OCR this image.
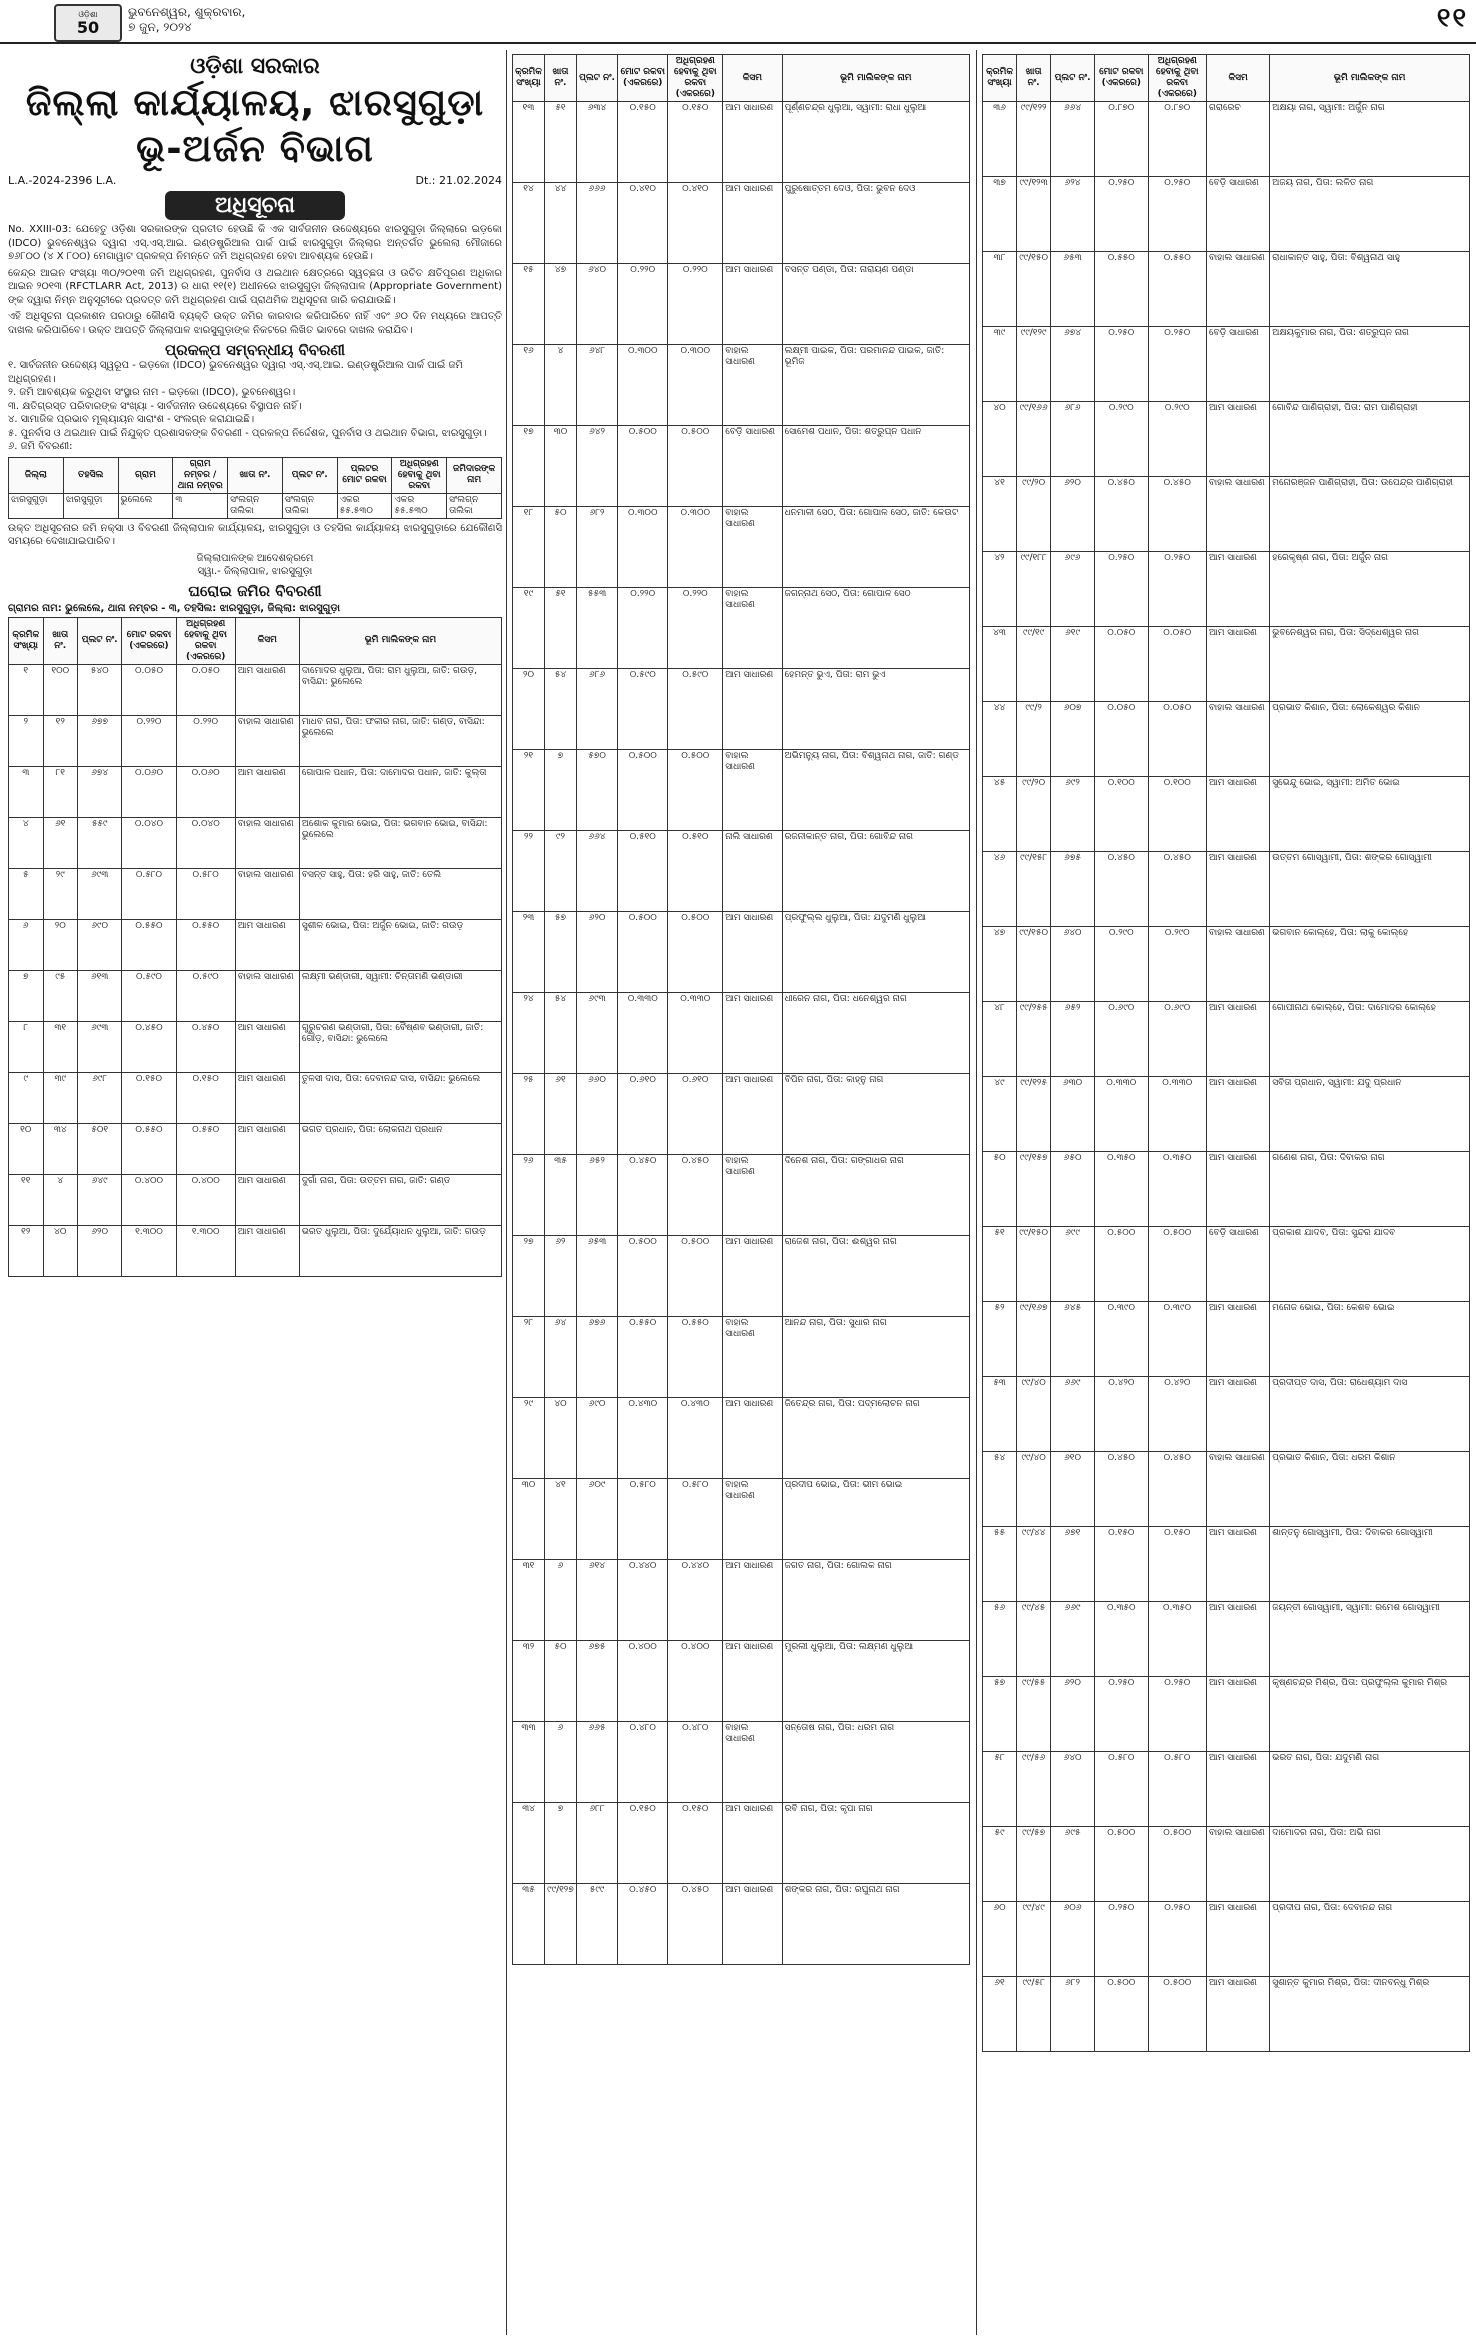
ଓଡ଼ିଶା
50
ଭୁବନେଶ୍ୱର, ଶୁକ୍ରବାର,
୭ ଜୁନ, ୨୦୨୪	୧୧
ଓଡ଼ିଶା ସରକାର
ଜିଲ୍ଲା କାର୍ଯ୍ୟାଳୟ, ଝାରସୁଗୁଡ଼ା
ଭୂ-ଅର୍ଜନ ବିଭାଗ
L.A.-2024-2396 L.A.	Dt.: 21.02.2024
ଅଧିସୂଚନା
No. XXIII-03: ଯେହେତୁ ଓଡ଼ିଶା ସରକାରଙ୍କ ପ୍ରତୀତ ହେଉଛି କି ଏକ ସାର୍ବଜନୀନ ଉଦ୍ଦେଶ୍ୟରେ ଝାରସୁଗୁଡ଼ା ଜିଲ୍ଲାରେ ଇଡ଼କୋ (IDCO) ଭୁବନେଶ୍ୱର ଦ୍ୱାରା ଏସ୍.ଏସ୍.ଆଇ. ଇଣ୍ଡଷ୍ଟ୍ରିଆଲ ପାର୍କ ପାଇଁ ଝାରସୁଗୁଡ଼ା ଜିଲ୍ଲାର ଅନ୍ତର୍ଗତ ଭୁଲେଲା ମୌଜାରେ ୭୬୮୦୦ (୪ X ୮୦୦) ମେଗାୱାଟ ପ୍ରକଳ୍ପ ନିମନ୍ତେ ଜମି ଅଧିଗ୍ରହଣ ହେବା ଆବଶ୍ୟକ ହେଉଛି।
କେନ୍ଦ୍ର ଆଇନ ସଂଖ୍ୟା ୩୦/୨୦୧୩ ଜମି ଅଧିଗ୍ରହଣ, ପୁନର୍ବାସ ଓ ଥଇଥାନ କ୍ଷେତ୍ରରେ ସ୍ୱଚ୍ଛତା ଓ ଉଚିତ କ୍ଷତିପୂରଣ ଅଧିକାର ଆଇନ ୨୦୧୩ (RFCTLARR Act, 2013) ର ଧାରା ୧୧(୧) ଅଧୀନରେ ଝାରସୁଗୁଡ଼ା ଜିଲ୍ଲାପାଳ (Appropriate Government) ଙ୍କ ଦ୍ୱାରା ନିମ୍ନ ଅନୁସୂଚୀରେ ପ୍ରଦତ୍ତ ଜମି ଅଧିଗ୍ରହଣ ପାଇଁ ପ୍ରାଥମିକ ଅଧିସୂଚନା ଜାରି କରାଯାଉଛି।
ଏହି ଅଧିସୂଚନା ପ୍ରକାଶନ ପରଠାରୁ କୌଣସି ବ୍ୟକ୍ତି ଉକ୍ତ ଜମିର କାରବାର କରିପାରିବେ ନାହିଁ ଏବଂ ୬୦ ଦିନ ମଧ୍ୟରେ ଆପତ୍ତି ଦାଖଲ କରିପାରିବେ। ଉକ୍ତ ଆପତ୍ତି ଜିଲ୍ଲାପାଳ ଝାରସୁଗୁଡ଼ାଙ୍କ ନିକଟରେ ଲିଖିତ ଭାବରେ ଦାଖଲ କରାଯିବ।
ପ୍ରକଳ୍ପ ସମ୍ବନ୍ଧୀୟ ବିବରଣୀ
୧. ସାର୍ବଜନୀନ ଉଦ୍ଦେଶ୍ୟ ସ୍ୱରୂପ - ଇଡ଼କୋ (IDCO) ଭୁବନେଶ୍ୱର ଦ୍ୱାରା ଏସ୍.ଏସ୍.ଆଇ. ଇଣ୍ଡଷ୍ଟ୍ରିଆଲ ପାର୍କ ପାଇଁ ଜମି ଅଧିଗ୍ରହଣ।
୨. ଜମି ଆବଶ୍ୟକ କରୁଥିବା ସଂସ୍ଥାର ନାମ - ଇଡ଼କୋ (IDCO), ଭୁବନେଶ୍ୱର।
୩. କ୍ଷତିଗ୍ରସ୍ତ ପରିବାରଙ୍କ ସଂଖ୍ୟା - ସାର୍ବଜନୀନ ଉଦ୍ଦେଶ୍ୟରେ ବିସ୍ଥାପନ ନାହିଁ।
୪. ସାମାଜିକ ପ୍ରଭାବ ମୂଲ୍ୟାୟନ ସାରାଂଶ - ସଂଲଗ୍ନ କରାଯାଇଛି।
୫. ପୁନର୍ବାସ ଓ ଥଇଥାନ ପାଇଁ ନିଯୁକ୍ତ ପ୍ରଶାସକଙ୍କ ବିବରଣୀ - ପ୍ରକଳ୍ପ ନିର୍ଦ୍ଦେଶକ, ପୁନର୍ବାସ ଓ ଥଇଥାନ ବିଭାଗ, ଝାରସୁଗୁଡ଼ା।
୬. ଜମି ବିବରଣୀ:
ଜିଲ୍ଲା	ତହସିଲ	ଗ୍ରାମ	ଗ୍ରାମ ନମ୍ବର / ଥାନା ନମ୍ବର	ଖାତା ନଂ.	ପ୍ଲଟ ନଂ.	ପ୍ଲଟର ମୋଟ ରକବା	ଅଧିଗ୍ରହଣ ହେବାକୁ ଥିବା ରକବା	ଜମିଦାରଙ୍କ ନାମ
ଝାରସୁଗୁଡ଼ା	ଝାରସୁଗୁଡ଼ା	ଭୁଲେଲେ	୩	ସଂଲଗ୍ନ ତାଲିକା	ସଂଲଗ୍ନ ତାଲିକା	ଏକର ୫୫.୫୩୦	ଏକର ୫୫.୫୩୦	ସଂଲଗ୍ନ ତାଲିକା
ଉକ୍ତ ଅଧିସୂଚନାର ଜମି ନକ୍ସା ଓ ବିବରଣୀ ଜିଲ୍ଲାପାଳ କାର୍ଯ୍ୟାଳୟ, ଝାରସୁଗୁଡ଼ା ଓ ତହସିଲ କାର୍ଯ୍ୟାଳୟ ଝାରସୁଗୁଡ଼ାରେ ଯେକୌଣସି ସମୟରେ ଦେଖାଯାଇପାରିବ।
ଜିଲ୍ଲାପାଳଙ୍କ ଆଦେଶକ୍ରମେ
ସ୍ୱା.- ଜିଲ୍ଲାପାଳ, ଝାରସୁଗୁଡ଼ା
ଘରୋଇ ଜମିର ବିବରଣୀ
ଗ୍ରାମର ନାମ: ଭୁଲେଲେ, ଥାନା ନମ୍ବର - ୩, ତହସିଲ: ଝାରସୁଗୁଡ଼ା, ଜିଲ୍ଲା: ଝାରସୁଗୁଡ଼ା
କ୍ରମିକ ସଂଖ୍ୟା	ଖାତା ନଂ.	ପ୍ଲଟ ନଂ.	ମୋଟ ରକବା (ଏକରରେ)	ଅଧିଗ୍ରହଣ ହେବାକୁ ଥିବା ରକବା (ଏକରରେ)	କିସମ	ଭୂମି ମାଲିକଙ୍କ ନାମ
୧	୧୦୦	୫୪୦	୦.୦୫୦	୦.୦୫୦	ଆମ ସାଧାରଣ	ଦାମୋଦର ଧୁଲୁଆ, ପିତା: ରାମ ଧୁଲୁଆ, ଜାତି: ଗଉଡ଼, ବାସିନ୍ଦା: ଭୁଲେଲେ
୨	୧୨	୬୭୭	୦.୨୨୦	୦.୨୨୦	ବାହାଲ ସାଧାରଣ	ମାଧବ ନାଗ, ପିତା: ଫକୀର ନାଗ, ଜାତି: ଗଣ୍ଡ, ବାସିନ୍ଦା: ଭୁଲେଲେ
୩	୮୧	୬୭୪	୦.୦୬୦	୦.୦୬୦	ଆମ ସାଧାରଣ	ଗୋପାଳ ପଧାନ, ପିତା: ଦାମୋଦର ପଧାନ, ଜାତି: କୁଲ୍ତା
୪	୬୧	୫୫୯	୦.୦୪୦	୦.୦୪୦	ବାହାଲ ସାଧାରଣ	ଅଶୋକ କୁମାର ଭୋଇ, ପିତା: ଭଗବାନ ଭୋଇ, ବାସିନ୍ଦା: ଭୁଲେଲେ
୫	୨୯	୬୯୩	୦.୫୮୦	୦.୫୮୦	ବାହାଲ ସାଧାରଣ	ବସନ୍ତ ସାହୁ, ପିତା: ହରି ସାହୁ, ଜାତି: ତେଲି
୬	୨୦	୬୯୦	୦.୫୫୦	୦.୫୫୦	ଆମ ସାଧାରଣ	ସୁଶୀଳ ଭୋଇ, ପିତା: ଅର୍ଜୁନ ଭୋଇ, ଜାତି: ଗଉଡ଼
୭	୯୫	୬୧୩	୦.୫୯୦	୦.୫୯୦	ବାହାଲ ସାଧାରଣ	ଲକ୍ଷ୍ମୀ ଭଣ୍ଡାରୀ, ସ୍ୱାମୀ: ଚିନ୍ତାମଣି ଭଣ୍ଡାରୀ
୮	୩୧	୬୯୩	୦.୪୫୦	୦.୪୫୦	ଆମ ସାଧାରଣ	ଗୁରୁଚରଣ ଭଣ୍ଡାରୀ, ପିତା: ବୈଷ୍ଣବ ଭଣ୍ଡାରୀ, ଜାତି: ଗୌଡ଼, ବାସିନ୍ଦା: ଭୁଲେଲେ
୯	୩୯	୬୯୮	୦.୧୫୦	୦.୧୫୦	ଆମ ସାଧାରଣ	ତୁଳସୀ ଦାସ, ପିତା: ଦେବାନନ୍ଦ ଦାସ, ବାସିନ୍ଦା: ଭୁଲେଲେ
୧୦	୩୪	୫୦୧	୦.୫୫୦	୦.୫୫୦	ଆମ ସାଧାରଣ	ଭଗତ ପ୍ରଧାନ, ପିତା: ଲୋକନାଥ ପ୍ରଧାନ
୧୧	୪	୬୪୯	୦.୪୦୦	୦.୪୦୦	ଆମ ସାଧାରଣ	ଦୁର୍ଗା ନାଗ, ପିତା: ଉତ୍ତମ ନାଗ, ଜାତି: ଗଣ୍ଡ
୧୨	୪୦	୬୨୦	୧.୩୦୦	୧.୩୦୦	ଆମ ସାଧାରଣ	ଭରତ ଧୁଲୁଆ, ପିତା: ଦୁର୍ଯ୍ୟୋଧନ ଧୁଲୁଆ, ଜାତି: ଗଉଡ଼
କ୍ରମିକ ସଂଖ୍ୟା	ଖାତା ନଂ.	ପ୍ଲଟ ନଂ.	ମୋଟ ରକବା (ଏକରରେ)	ଅଧିଗ୍ରହଣ ହେବାକୁ ଥିବା ରକବା (ଏକରରେ)	କିସମ	ଭୂମି ମାଲିକଙ୍କ ନାମ
୧୩	୫୧	୬୩୪	୦.୧୫୦	୦.୧୫୦	ଆମ ସାଧାରଣ	ପୂର୍ଣ୍ଣଚନ୍ଦ୍ର ଧୁଲୁଆ, ସ୍ୱାମୀ: ରାଧା ଧୁଲୁଆ
୧୪	୪୪	୬୬୬	୦.୪୧୦	୦.୪୧୦	ଆମ ସାଧାରଣ	ପୁରୁଷୋତ୍ତମ ଦେଓ, ପିତା: ଭୁବନ ଦେଓ
୧୫	୪୭	୬୪୦	୦.୨୨୦	୦.୨୨୦	ଆମ ସାଧାରଣ	ବସନ୍ତ ପଣ୍ଡା, ପିତା: ନାରାୟଣ ପଣ୍ଡା
୧୬	୪	୬୪୮	୦.୩୦୦	୦.୩୦୦	ବାହାଲ ସାଧାରଣ	ଲକ୍ଷ୍ମୀ ପାଇକ, ପିତା: ପରମାନନ୍ଦ ପାଇକ, ଜାତି: ଭୂମିଜ
୧୭	୩୦	୬୪୨	୦.୫୦୦	୦.୫୦୦	ବେଡ଼ି ସାଧାରଣ	ସୋମେଶ ପଧାନ, ପିତା: ଶତ୍ରୁଘ୍ନ ପଧାନ
୧୮	୫୦	୬୮୨	୦.୩୦୦	୦.୩୦୦	ବାହାଲ ସାଧାରଣ	ଧନମାଳୀ ସେଠ, ପିତା: ଗୋପାଳ ସେଠ, ଜାତି: କେଉଟ
୧୯	୫୧	୫୫୩	୦.୨୨୦	୦.୨୨୦	ବାହାଲ ସାଧାରଣ	ଜଗନ୍ନାଥ ସେଠ, ପିତା: ଗୋପାଳ ସେଠ
୨୦	୫୪	୬୮୬	୦.୫୯୦	୦.୫୯୦	ଆମ ସାଧାରଣ	ହେମନ୍ତ ଭୁଏ, ପିତା: ରାମ ଭୁଏ
୨୧	୭	୫୭୦	୦.୫୦୦	୦.୫୦୦	ବାହାଲ ସାଧାରଣ	ଅଭିମନ୍ୟୁ ନାଗ, ପିତା: ବିଶ୍ୱନାଥ ନାଗ, ଜାତି: ଗଣ୍ଡ
୨୨	୯୨	୬୬୪	୦.୫୧୦	୦.୫୧୦	ନାଲି ସାଧାରଣ	ରଜନୀକାନ୍ତ ନାଗ, ପିତା: ଗୋବିନ୍ଦ ନାଗ
୨୩	୫୭	୬୨୦	୦.୫୦୦	୦.୫୦୦	ଆମ ସାଧାରଣ	ପ୍ରଫୁଲ୍ଲ ଧୁଲୁଆ, ପିତା: ଯଦୁମଣି ଧୁଲୁଆ
୨୪	୫୪	୬୯୩	୦.୩୩୦	୦.୩୩୦	ଆମ ସାଧାରଣ	ଧୀରେନ ନାଗ, ପିତା: ଧନେଶ୍ୱର ନାଗ
୨୫	୬୧	୬୬୦	୦.୬୧୦	୦.୬୧୦	ଆମ ସାଧାରଣ	ବିପିନ ନାଗ, ପିତା: କାହ୍ନୁ ନାଗ
୨୬	୩୫	୬୫୨	୦.୪୫୦	୦.୪୫୦	ବାହାଲ ସାଧାରଣ	ଦିନେଶ ନାଗ, ପିତା: ଗଙ୍ଗାଧର ନାଗ
୨୭	୬୨	୬୫୩	୦.୫୦୦	୦.୫୦୦	ଆମ ସାଧାରଣ	ରାଜେଶ ନାଗ, ପିତା: ଈଶ୍ୱର ନାଗ
୨୮	୬୪	୬୭୬	୦.୫୫୦	୦.୫୫୦	ବାହାଲ ସାଧାରଣ	ଆନନ୍ଦ ନାଗ, ପିତା: ସୁଧାର ନାଗ
୨୯	୪୦	୬୯୦	୦.୪୩୦	୦.୪୩୦	ଆମ ସାଧାରଣ	ଜିତେନ୍ଦ୍ର ନାଗ, ପିତା: ପଦ୍ମଲୋଚନ ନାଗ
୩୦	୪୧	୬୦୯	୦.୫୮୦	୦.୫୮୦	ବାହାଲ ସାଧାରଣ	ପ୍ରଦୀପ ଭୋଇ, ପିତା: ଭୀମ ଭୋଇ
୩୧	୬	୬୧୪	୦.୪୪୦	୦.୪୪୦	ଆମ ସାଧାରଣ	ଜଗତ ନାଗ, ପିତା: ଗୋଲକ ନାଗ
୩୨	୫୦	୬୭୫	୦.୪୦୦	୦.୪୦୦	ଆମ ସାଧାରଣ	ମୁରଲୀ ଧୁଲୁଆ, ପିତା: ଲକ୍ଷ୍ମଣ ଧୁଲୁଆ
୩୩	୬	୬୬୫	୦.୪୮୦	୦.୪୮୦	ବାହାଲ ସାଧାରଣ	ସନ୍ତୋଷ ନାଗ, ପିତା: ଧରମ ନାଗ
୩୪	୭	୬୮୮	୦.୧୫୦	୦.୧୫୦	ଆମ ସାଧାରଣ	ରବି ନାଗ, ପିତା: କୃପା ନାଗ
୩୫	୯୯/୧୨୭	୫୯୯	୦.୪୫୦	୦.୪୫୦	ଆମ ସାଧାରଣ	ଶଙ୍କର ନାଗ, ପିତା: ରଘୁନାଥ ନାଗ
କ୍ରମିକ ସଂଖ୍ୟା	ଖାତା ନଂ.	ପ୍ଲଟ ନଂ.	ମୋଟ ରକବା (ଏକରରେ)	ଅଧିଗ୍ରହଣ ହେବାକୁ ଥିବା ରକବା (ଏକରରେ)	କିସମ	ଭୂମି ମାଲିକଙ୍କ ନାମ
୩୬	୯୯/୧୨୨	୬୬୪	୦.୮୭୦	୦.୮୭୦	ଗରାରେଚ	ଅକ୍ଷୟା ନାଗ, ସ୍ୱାମୀ: ଅର୍ଜୁନ ନାଗ
୩୭	୯୯/୧୨୩	୬୨୪	୦.୨୫୦	୦.୨୫୦	ବେଡ଼ି ସାଧାରଣ	ଅଜୟ ନାଗ, ପିତା: ଲଳିତ ନାଗ
୩୮	୯୯/୧୫୦	୬୫୩	୦.୫୫୦	୦.୫୫୦	ବାହାଲ ସାଧାରଣ	ରାଧାକାନ୍ତ ସାହୁ, ପିତା: ବିଶ୍ୱନାଥ ସାହୁ
୩୯	୯୯/୧୨୯	୬୭୪	୦.୨୫୦	୦.୨୫୦	ବେଡ଼ି ସାଧାରଣ	ଅକ୍ଷୟକୁମାର ନାଗ, ପିତା: ଶତ୍ରୁଘ୍ନ ନାଗ
୪୦	୯୯/୧୬୬	୬୮୬	୦.୨୯୦	୦.୨୯୦	ଆମ ସାଧାରଣ	ଗୋବିନ୍ଦ ପାଣିଗ୍ରାହୀ, ପିତା: ରାମ ପାଣିଗ୍ରାହୀ
୪୧	୯୯/୨୦	୬୨୦	୦.୪୫୦	୦.୪୫୦	ବାହାଲ ସାଧାରଣ	ମନୋରଞ୍ଜନ ପାଣିଗ୍ରାହୀ, ପିତା: ଉପେନ୍ଦ୍ର ପାଣିଗ୍ରାହୀ
୪୨	୯୯/୧୮୮	୬୯୬	୦.୨୫୦	୦.୨୫୦	ଆମ ସାଧାରଣ	ହରେକୃଷ୍ଣ ନାଗ, ପିତା: ଅର୍ଜୁନ ନାଗ
୪୩	୯୯/୧୯	୬୧୯	୦.୦୫୦	୦.୦୫୦	ଆମ ସାଧାରଣ	ଭୁବନେଶ୍ୱର ନାଗ, ପିତା: ସିଦ୍ଧେଶ୍ୱର ନାଗ
୪୪	୯୯/୨	୬୦୭	୦.୦୫୦	୦.୦୫୦	ବାହାଲ ସାଧାରଣ	ପ୍ରଭାତ କିଶାନ, ପିତା: ଲୋକେଶ୍ୱର କିଶାନ
୪୫	୯୯/୨୦	୬୯୨	୦.୧୦୦	୦.୧୦୦	ଆମ ସାଧାରଣ	ସୁଭେନ୍ଦୁ ଭୋଇ, ସ୍ୱାମୀ: ଅମିତ ଭୋଇ
୪୬	୯୯/୧୫୮	୬୭୫	୦.୪୫୦	୦.୪୫୦	ଆମ ସାଧାରଣ	ଉତ୍ତମ ଗୋସ୍ୱାମୀ, ପିତା: ଶଙ୍କର ଗୋସ୍ୱାମୀ
୪୭	୯୯/୧୫୦	୬୪୦	୦.୨୯୦	୦.୨୯୦	ବାହାଲ ସାଧାରଣ	ଭଗବାନ କୋଲ୍ହେ, ପିତା: ଲାକୁ କୋଲ୍ହେ
୪୮	୯୯/୨୫୫	୬୫୨	୦.୬୯୦	୦.୬୯୦	ଆମ ସାଧାରଣ	ଗୋପୀନାଥ କୋଲ୍ହେ, ପିତା: ଦାମୋଦର କୋଲ୍ହେ
୪୯	୯୯/୧୨୫	୬୩୦	୦.୩୩୦	୦.୩୩୦	ଆମ ସାଧାରଣ	ସବିତା ପ୍ରଧାନ, ସ୍ୱାମୀ: ଯଦୁ ପ୍ରଧାନ
୫୦	୯୯/୧୫୭	୬୫୦	୦.୩୫୦	୦.୩୫୦	ଆମ ସାଧାରଣ	ଗଣେଶ ନାଗ, ପିତା: ଦିବାକର ନାଗ
୫୧	୯୯/୧୫୦	୬୯୯	୦.୫୦୦	୦.୫୦୦	ବେଡ଼ି ସାଧାରଣ	ପ୍ରକାଶ ଯାଦବ, ପିତା: ସୁନ୍ଦର ଯାଦବ
୫୨	୯୯/୧୬୭	୬୪୫	୦.୩୯୦	୦.୩୯୦	ଆମ ସାଧାରଣ	ମନୋଜ ଭୋଇ, ପିତା: କେଶବ ଭୋଇ
୫୩	୯୯/୪୦	୬୬୯	୦.୪୨୦	୦.୪୨୦	ଆମ ସାଧାରଣ	ପ୍ରଦୀପ୍ତ ଦାସ, ପିତା: ରାଧେଶ୍ୟାମ ଦାସ
୫୪	୯୯/୪୦	୬୧୦	୦.୪୫୦	୦.୪୫୦	ବାହାଲ ସାଧାରଣ	ପ୍ରଭାତ କିଶାନ, ପିତା: ଧରମ କିଶାନ
୫୫	୯୯/୪୪	୬୭୧	୦.୧୫୦	୦.୧୫୦	ଆମ ସାଧାରଣ	ଶାନ୍ତନୁ ଗୋସ୍ୱାମୀ, ପିତା: ଦିବାକର ଗୋସ୍ୱାମୀ
୫୬	୯୯/୪୫	୬୬୯	୦.୩୫୦	୦.୩୫୦	ଆମ ସାଧାରଣ	ଜୟନ୍ତୀ ଗୋସ୍ୱାମୀ, ସ୍ୱାମୀ: ରମେଶ ଗୋସ୍ୱାମୀ
୫୭	୯୯/୫୫	୬୨୦	୦.୨୫୦	୦.୨୫୦	ଆମ ସାଧାରଣ	କୃଷ୍ଣଚନ୍ଦ୍ର ମିଶ୍ର, ପିତା: ପ୍ରଫୁଲ୍ଲ କୁମାର ମିଶ୍ର
୫୮	୯୯/୫୬	୬୪୦	୦.୫୮୦	୦.୫୮୦	ଆମ ସାଧାରଣ	ଭରତ ନାଗ, ପିତା: ଯଦୁମଣି ନାଗ
୫୯	୯୯/୫୭	୬୯୫	୦.୫୦୦	୦.୫୦୦	ବାହାଲ ସାଧାରଣ	ଦାମୋଦର ନାଗ, ପିତା: ଅଭି ନାଗ
୬୦	୯୯/୪୯	୬୦୬	୦.୨୫୦	୦.୨୫୦	ଆମ ସାଧାରଣ	ପ୍ରଦୀପ ନାଗ, ପିତା: ଦେବାନନ୍ଦ ନାଗ
୬୧	୯୯/୫୮	୬୮୨	୦.୫୦୦	୦.୫୦୦	ଆମ ସାଧାରଣ	ସୁଶାନ୍ତ କୁମାର ମିଶ୍ର, ପିତା: ଦୀନବନ୍ଧୁ ମିଶ୍ର
